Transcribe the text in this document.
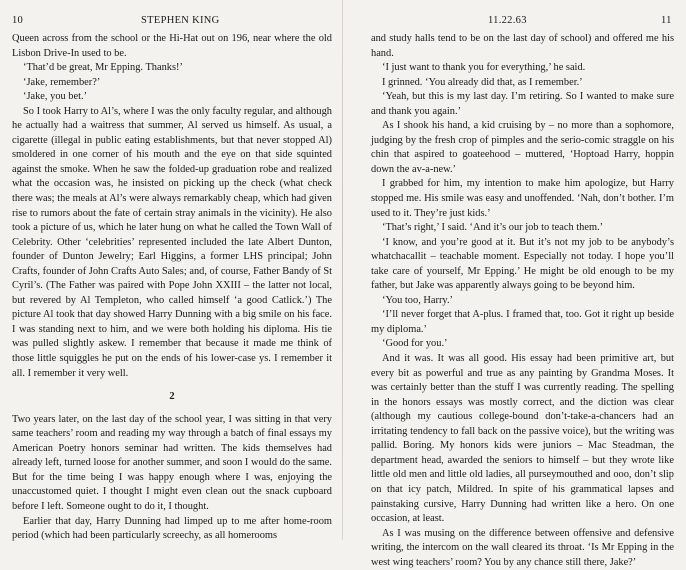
10	STEPHEN KING

Queen across from the school or the Hi-Hat out on 196, near where the old Lisbon Drive-In used to be.

‘That’d be great, Mr Epping. Thanks!’

‘Jake, remember?’

‘Jake, you bet.’

So I took Harry to Al’s, where I was the only faculty regular, and although he actually had a waitress that summer, Al served us himself. As usual, a cigarette (illegal in public eating establishments, but that never stopped Al) smoldered in one corner of his mouth and the eye on that side squinted against the smoke. When he saw the folded-up graduation robe and realized what the occasion was, he insisted on picking up the check (what check there was; the meals at Al’s were always remarkably cheap, which had given rise to rumors about the fate of certain stray animals in the vicinity). He also took a picture of us, which he later hung on what he called the Town Wall of Celebrity. Other ‘celebrities’ represented included the late Albert Dunton, founder of Dunton Jewelry; Earl Higgins, a former LHS principal; John Crafts, founder of John Crafts Auto Sales; and, of course, Father Bandy of St Cyril’s. (The Father was paired with Pope John XXIII – the latter not local, but revered by Al Templeton, who called himself ‘a good Catlick.’) The picture Al took that day showed Harry Dunning with a big smile on his face. I was standing next to him, and we were both holding his diploma. His tie was pulled slightly askew. I remember that because it made me think of those little squiggles he put on the ends of his lower-case ys. I remember it all. I remember it very well.

2

Two years later, on the last day of the school year, I was sitting in that very same teachers’ room and reading my way through a batch of final essays my American Poetry honors seminar had written. The kids themselves had already left, turned loose for another summer, and soon I would do the same. But for the time being I was happy enough where I was, enjoying the unaccustomed quiet. I thought I might even clean out the snack cupboard before I left. Someone ought to do it, I thought.

Earlier that day, Harry Dunning had limped up to me after home-room period (which had been particularly screechy, as all homerooms

11.22.63	11

and study halls tend to be on the last day of school) and offered me his hand.

‘I just want to thank you for everything,’ he said.

I grinned. ‘You already did that, as I remember.’

‘Yeah, but this is my last day. I’m retiring. So I wanted to make sure and thank you again.’

As I shook his hand, a kid cruising by – no more than a sophomore, judging by the fresh crop of pimples and the serio-comic straggle on his chin that aspired to goateehood – muttered, ‘Hoptoad Harry, hoppin down the av-a-new.’

I grabbed for him, my intention to make him apologize, but Harry stopped me. His smile was easy and unoffended. ‘Nah, don’t bother. I’m used to it. They’re just kids.’

‘That’s right,’ I said. ‘And it’s our job to teach them.’

‘I know, and you’re good at it. But it’s not my job to be anybody’s whatchacallit – teachable moment. Especially not today. I hope you’ll take care of yourself, Mr Epping.’ He might be old enough to be my father, but Jake was apparently always going to be beyond him.

‘You too, Harry.’

‘I’ll never forget that A-plus. I framed that, too. Got it right up beside my diploma.’

‘Good for you.’

And it was. It was all good. His essay had been primitive art, but every bit as powerful and true as any painting by Grandma Moses. It was certainly better than the stuff I was currently reading. The spelling in the honors essays was mostly correct, and the diction was clear (although my cautious college-bound don’t-take-a-chancers had an irritating tendency to fall back on the passive voice), but the writing was pallid. Boring. My honors kids were juniors – Mac Steadman, the department head, awarded the seniors to himself – but they wrote like little old men and little old ladies, all purseymouthed and ooo, don’t slip on that icy patch, Mildred. In spite of his grammatical lapses and painstaking cursive, Harry Dunning had written like a hero. On one occasion, at least.

As I was musing on the difference between offensive and defensive writing, the intercom on the wall cleared its throat. ‘Is Mr Epping in the west wing teachers’ room? You by any chance still there, Jake?’
